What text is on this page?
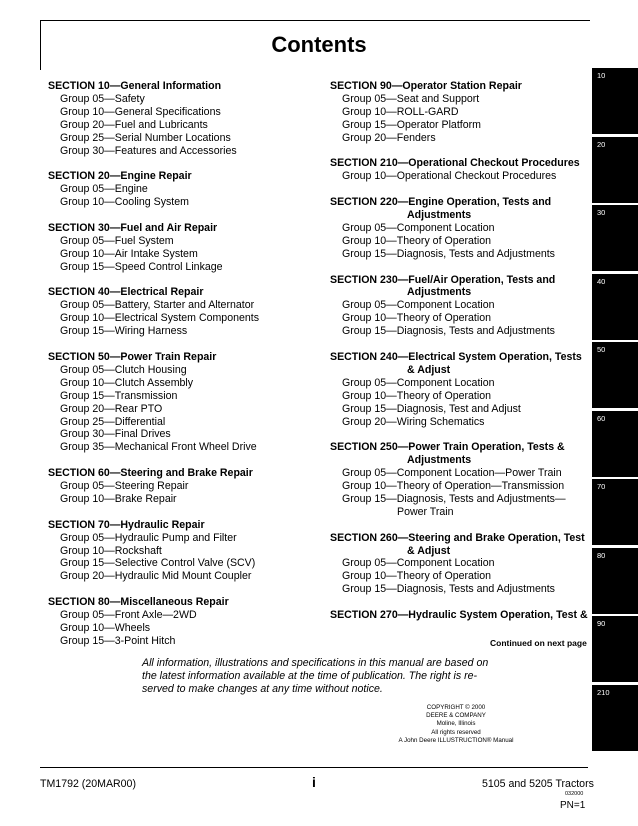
Contents
SECTION 10—General Information
Group 05—Safety
Group 10—General Specifications
Group 20—Fuel and Lubricants
Group 25—Serial Number Locations
Group 30—Features and Accessories
SECTION 20—Engine Repair
Group 05—Engine
Group 10—Cooling System
SECTION 30—Fuel and Air Repair
Group 05—Fuel System
Group 10—Air Intake System
Group 15—Speed Control Linkage
SECTION 40—Electrical Repair
Group 05—Battery, Starter and Alternator
Group 10—Electrical System Components
Group 15—Wiring Harness
SECTION 50—Power Train Repair
Group 05—Clutch Housing
Group 10—Clutch Assembly
Group 15—Transmission
Group 20—Rear PTO
Group 25—Differential
Group 30—Final Drives
Group 35—Mechanical Front Wheel Drive
SECTION 60—Steering and Brake Repair
Group 05—Steering Repair
Group 10—Brake Repair
SECTION 70—Hydraulic Repair
Group 05—Hydraulic Pump and Filter
Group 10—Rockshaft
Group 15—Selective Control Valve (SCV)
Group 20—Hydraulic Mid Mount Coupler
SECTION 80—Miscellaneous Repair
Group 05—Front Axle—2WD
Group 10—Wheels
Group 15—3-Point Hitch
SECTION 90—Operator Station Repair
Group 05—Seat and Support
Group 10—ROLL-GARD
Group 15—Operator Platform
Group 20—Fenders
SECTION 210—Operational Checkout Procedures
Group 10—Operational Checkout Procedures
SECTION 220—Engine Operation, Tests and
Adjustments
Group 05—Component Location
Group 10—Theory of Operation
Group 15—Diagnosis, Tests and Adjustments
SECTION 230—Fuel/Air Operation, Tests and
Adjustments
Group 05—Component Location
Group 10—Theory of Operation
Group 15—Diagnosis, Tests and Adjustments
SECTION 240—Electrical System Operation, Tests
& Adjust
Group 05—Component Location
Group 10—Theory of Operation
Group 15—Diagnosis, Test and Adjust
Group 20—Wiring Schematics
SECTION 250—Power Train Operation, Tests &
Adjustments
Group 05—Component Location—Power Train
Group 10—Theory of Operation—Transmission
Group 15—Diagnosis, Tests and Adjustments—
Power Train
SECTION 260—Steering and Brake Operation, Test
& Adjust
Group 05—Component Location
Group 10—Theory of Operation
Group 15—Diagnosis, Tests and Adjustments
SECTION 270—Hydraulic System Operation, Test &
Continued on next page
All information, illustrations and specifications in this manual are based on the latest information available at the time of publication. The right is re-served to make changes at any time without notice.
COPYRIGHT © 2000
DEERE & COMPANY
Moline, Illinois
All rights reserved
A John Deere ILLUSTRUCTION® Manual
TM1792 (20MAR00)	i	5105 and 5205 Tractors
032000
PN=1
10
20
30
40
50
60
70
80
90
210
